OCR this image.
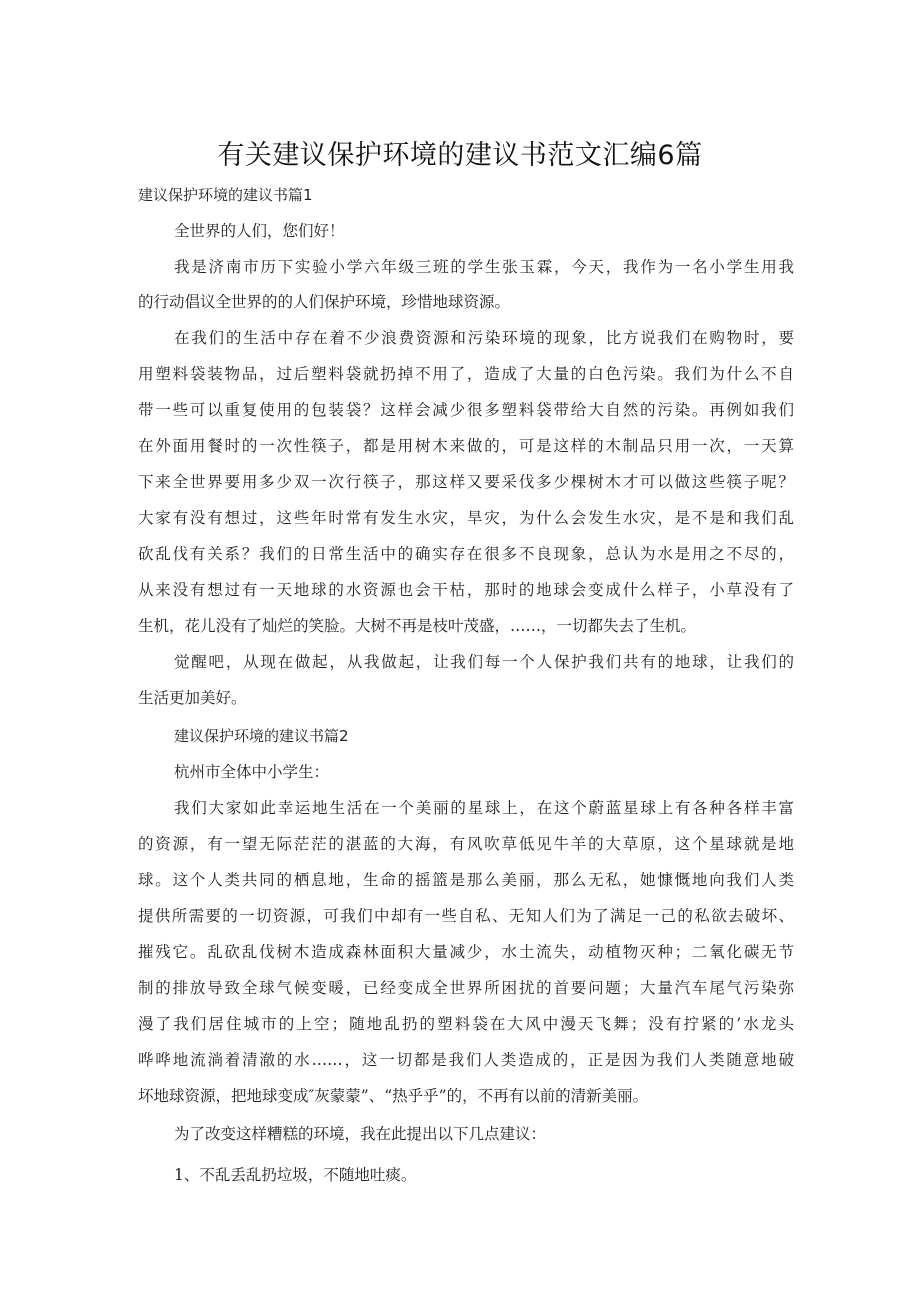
有关建议保护环境的建议书范文汇编6篇
建议保护环境的建议书篇1
全世界的人们，您们好！
我是济南市历下实验小学六年级三班的学生张玉霖，今天，我作为一名小学生用我
的行动倡议全世界的的人们保护环境，珍惜地球资源。
在我们的生活中存在着不少浪费资源和污染环境的现象，比方说我们在购物时，要
用塑料袋装物品，过后塑料袋就扔掉不用了，造成了大量的白色污染。我们为什么不自
带一些可以重复使用的包装袋？这样会减少很多塑料袋带给大自然的污染。再例如我们
在外面用餐时的一次性筷子，都是用树木来做的，可是这样的木制品只用一次，一天算
下来全世界要用多少双一次行筷子，那这样又要采伐多少棵树木才可以做这些筷子呢？
大家有没有想过，这些年时常有发生水灾，旱灾，为什么会发生水灾，是不是和我们乱
砍乱伐有关系？我们的日常生活中的确实存在很多不良现象，总认为水是用之不尽的，
从来没有想过有一天地球的水资源也会干枯，那时的地球会变成什么样子，小草没有了
生机，花儿没有了灿烂的笑脸。大树不再是枝叶茂盛，……，一切都失去了生机。
觉醒吧，从现在做起，从我做起，让我们每一个人保护我们共有的地球，让我们的
生活更加美好。
建议保护环境的建议书篇2
杭州市全体中小学生：
我们大家如此幸运地生活在一个美丽的星球上，在这个蔚蓝星球上有各种各样丰富
的资源，有一望无际茫茫的湛蓝的大海，有风吹草低见牛羊的大草原，这个星球就是地
球。这个人类共同的栖息地，生命的摇篮是那么美丽，那么无私，她慷慨地向我们人类
提供所需要的一切资源，可我们中却有一些自私、无知人们为了满足一己的私欲去破坏、
摧残它。乱砍乱伐树木造成森林面积大量减少，水土流失，动植物灭种；二氧化碳无节
制的排放导致全球气候变暖，已经变成全世界所困扰的首要问题；大量汽车尾气污染弥
漫了我们居住城市的上空；随地乱扔的塑料袋在大风中漫天飞舞；没有拧紧的’水龙头
哗哗地流淌着清澈的水……，这一切都是我们人类造成的，正是因为我们人类随意地破
坏地球资源，把地球变成″灰蒙蒙”、“热乎乎”的，不再有以前的清新美丽。
为了改变这样糟糕的环境，我在此提出以下几点建议：
1、不乱丢乱扔垃圾，不随地吐痰。
